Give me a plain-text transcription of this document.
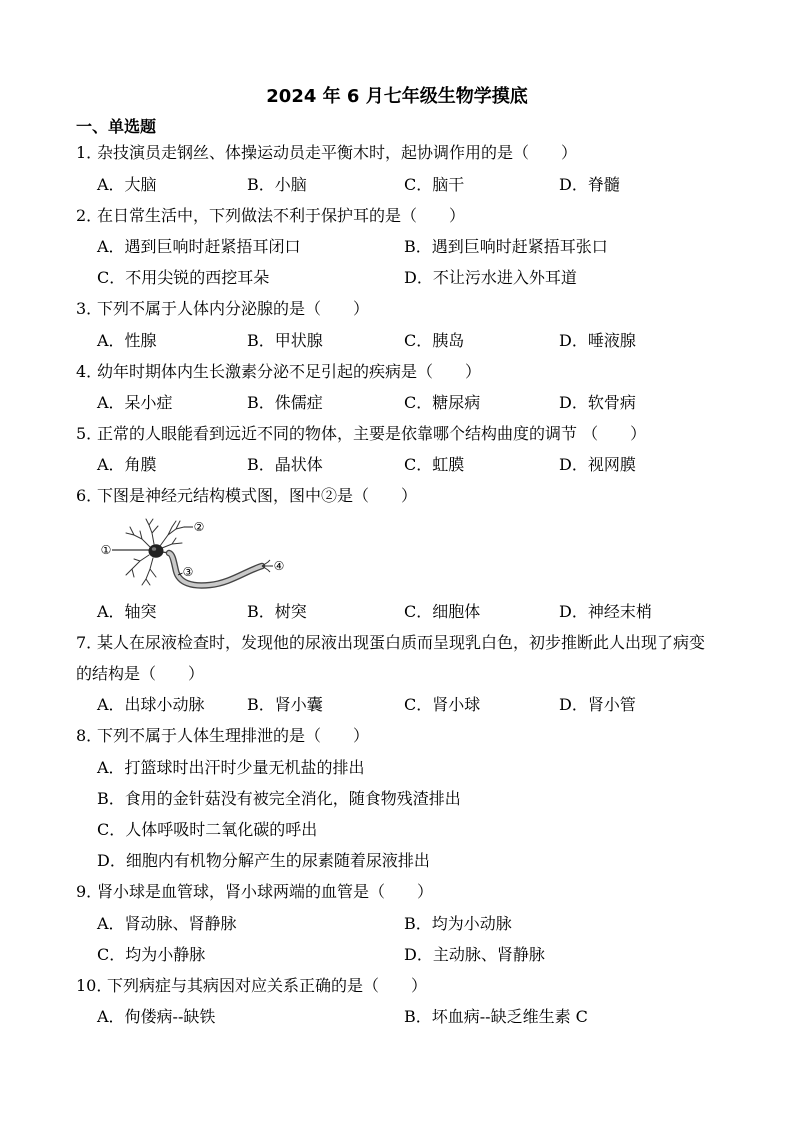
2024 年 6 月七年级生物学摸底
一、单选题
1．
杂技演员走钢丝、体操运动员走平衡木时，起协调作用的是（　　）
A．大脑	B．小脑	C．脑干	D．脊髓
2．
在日常生活中，下列做法不利于保护耳的是（　　）
A．遇到巨响时赶紧捂耳闭口	B．遇到巨响时赶紧捂耳张口
C．不用尖锐的西挖耳朵	D．不让污水进入外耳道
3．
下列不属于人体内分泌腺的是（　　）
A．性腺	B．甲状腺	C．胰岛	D．唾液腺
4．
幼年时期体内生长激素分泌不足引起的疾病是（　　）
A．呆小症	B．侏儒症	C．糖尿病	D．软骨病
5．
正常的人眼能看到远近不同的物体，主要是依靠哪个结构曲度的调节 （　　）
A．角膜	B．晶状体	C．虹膜	D．视网膜
6．
下图是神经元结构模式图，图中②是（　　）
①
②
③	④
A．轴突	B．树突	C．细胞体	D．神经末梢
7．
某人在尿液检查时，发现他的尿液出现蛋白质而呈现乳白色，初步推断此人出现了病变
的结构是（　　）
A．出球小动脉	B．肾小囊	C．肾小球	D．肾小管
8．
下列不属于人体生理排泄的是（　　）
A．打篮球时出汗时少量无机盐的排出
B．食用的金针菇没有被完全消化，随食物残渣排出
C．人体呼吸时二氧化碳的呼出
D．细胞内有机物分解产生的尿素随着尿液排出
9．
肾小球是血管球，肾小球两端的血管是（　　）
A．肾动脉、肾静脉	B．均为小动脉
C．均为小静脉	D．主动脉、肾静脉
10．
下列病症与其病因对应关系正确的是（　　）
A．佝偻病--缺铁	B．坏血病--缺乏维生素 C
